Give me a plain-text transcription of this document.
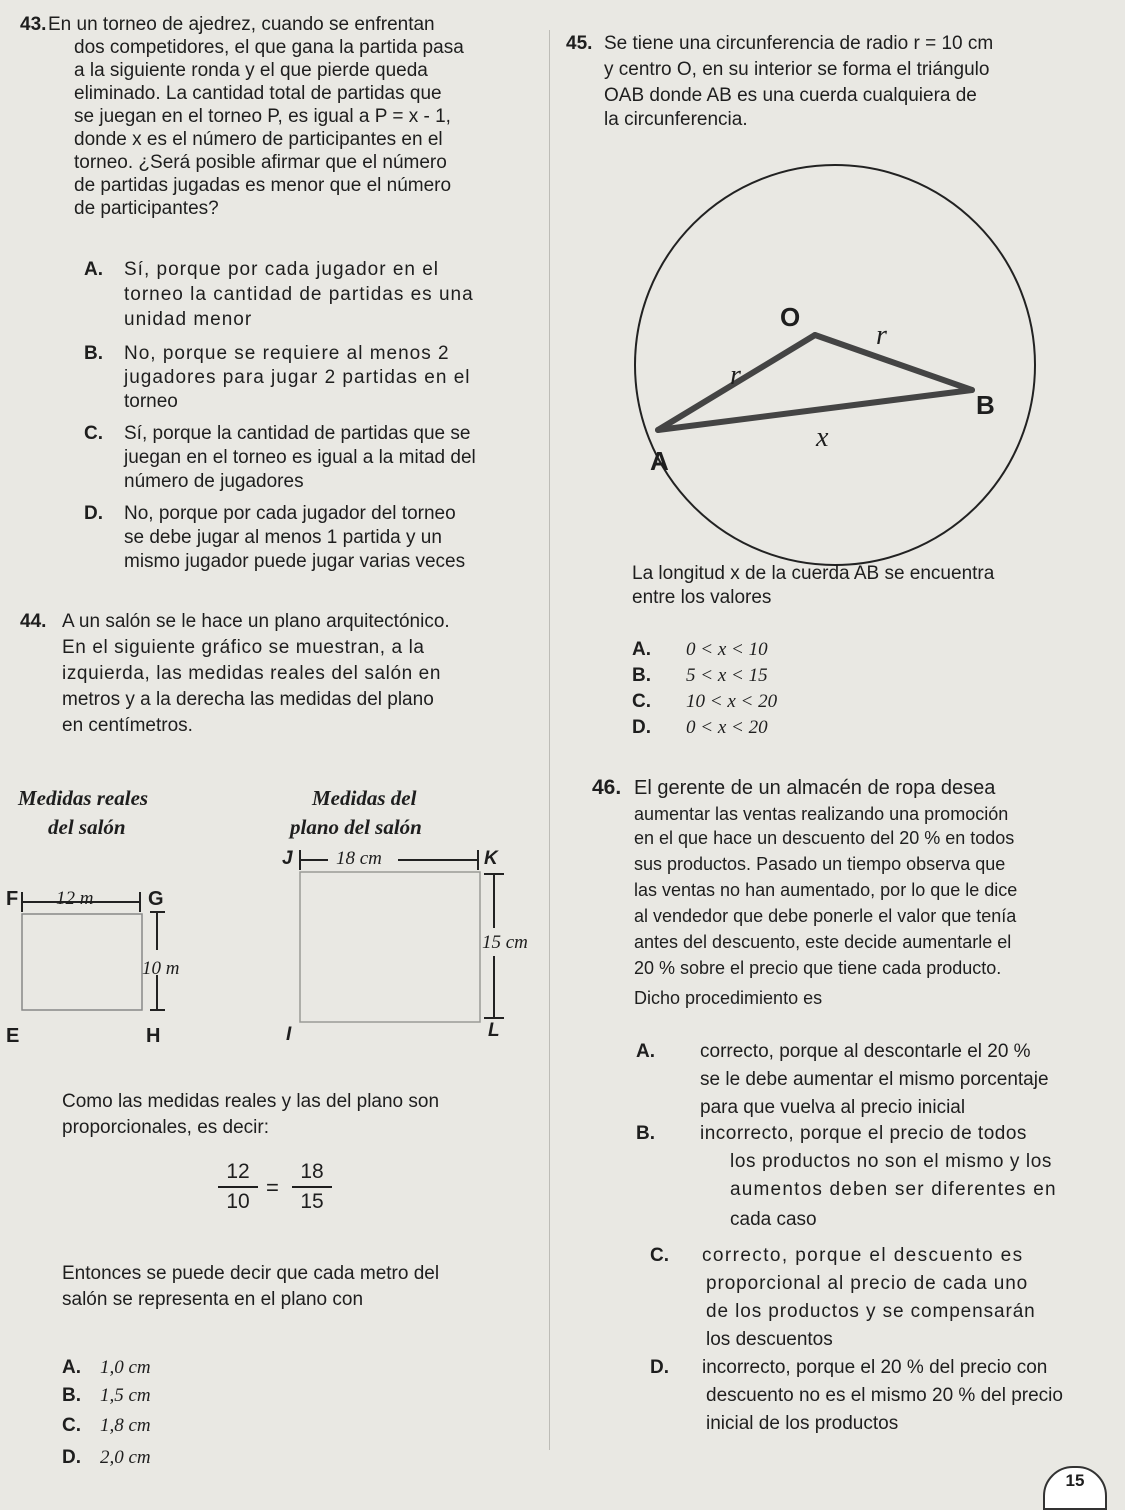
43. En un torneo de ajedrez, cuando se enfrentan
dos competidores, el que gana la partida pasa
a la siguiente ronda y el que pierde queda
eliminado. La cantidad total de partidas que
se juegan en el torneo P, es igual a P = x - 1,
donde x es el número de participantes en el
torneo. ¿Será posible afirmar que el número
de partidas jugadas es menor que el número
de participantes?
A.	Sí, porque por cada jugador en el
torneo la cantidad de partidas es una
unidad menor
B.	No, porque se requiere al menos 2
jugadores para jugar 2 partidas en el
torneo
C.	Sí, porque la cantidad de partidas que se
juegan en el torneo es igual a la mitad del
número de jugadores
D.	No, porque por cada jugador del torneo
se debe jugar al menos 1 partida y un
mismo jugador puede jugar varias veces
44. A un salón se le hace un plano arquitectónico.
En el siguiente gráfico se muestran, a la
izquierda, las medidas reales del salón en
metros y a la derecha las medidas del plano
en centímetros.
Medidas reales
del salón
Medidas del
plano del salón
F	G
E	H
12 m
10 m
J	K
I	L
18 cm
15 cm
Como las medidas reales y las del plano son
proporcionales, es decir:
12
10
=
18
15
Entonces se puede decir que cada metro del
salón se representa en el plano con
A.	1,0 cm
B.	1,5 cm
C.	1,8 cm
D.	2,0 cm
45. Se tiene una circunferencia de radio r = 10 cm
y centro O, en su interior se forma el triángulo
OAB donde AB es una cuerda cualquiera de
la circunferencia.
O
A
B
r
r
x
La longitud x de la cuerda AB se encuentra
entre los valores
A.	0 < x < 10
B.	5 < x < 15
C.	10 < x < 20
D.	0 < x < 20
46. El gerente de un almacén de ropa desea
aumentar las ventas realizando una promoción
en el que hace un descuento del 20 % en todos
sus productos. Pasado un tiempo observa que
las ventas no han aumentado, por lo que le dice
al vendedor que debe ponerle el valor que tenía
antes del descuento, este decide aumentarle el
20 % sobre el precio que tiene cada producto.
Dicho procedimiento es
A.	correcto, porque al descontarle el 20 %
se le debe aumentar el mismo porcentaje
para que vuelva al precio inicial
B.	incorrecto, porque el precio de todos
los productos no son el mismo y los
aumentos deben ser diferentes en
cada caso
C.	correcto, porque el descuento es
proporcional al precio de cada uno
de los productos y se compensarán
los descuentos
D.	incorrecto, porque el 20 % del precio con
descuento no es el mismo 20 % del precio
inicial de los productos
15
